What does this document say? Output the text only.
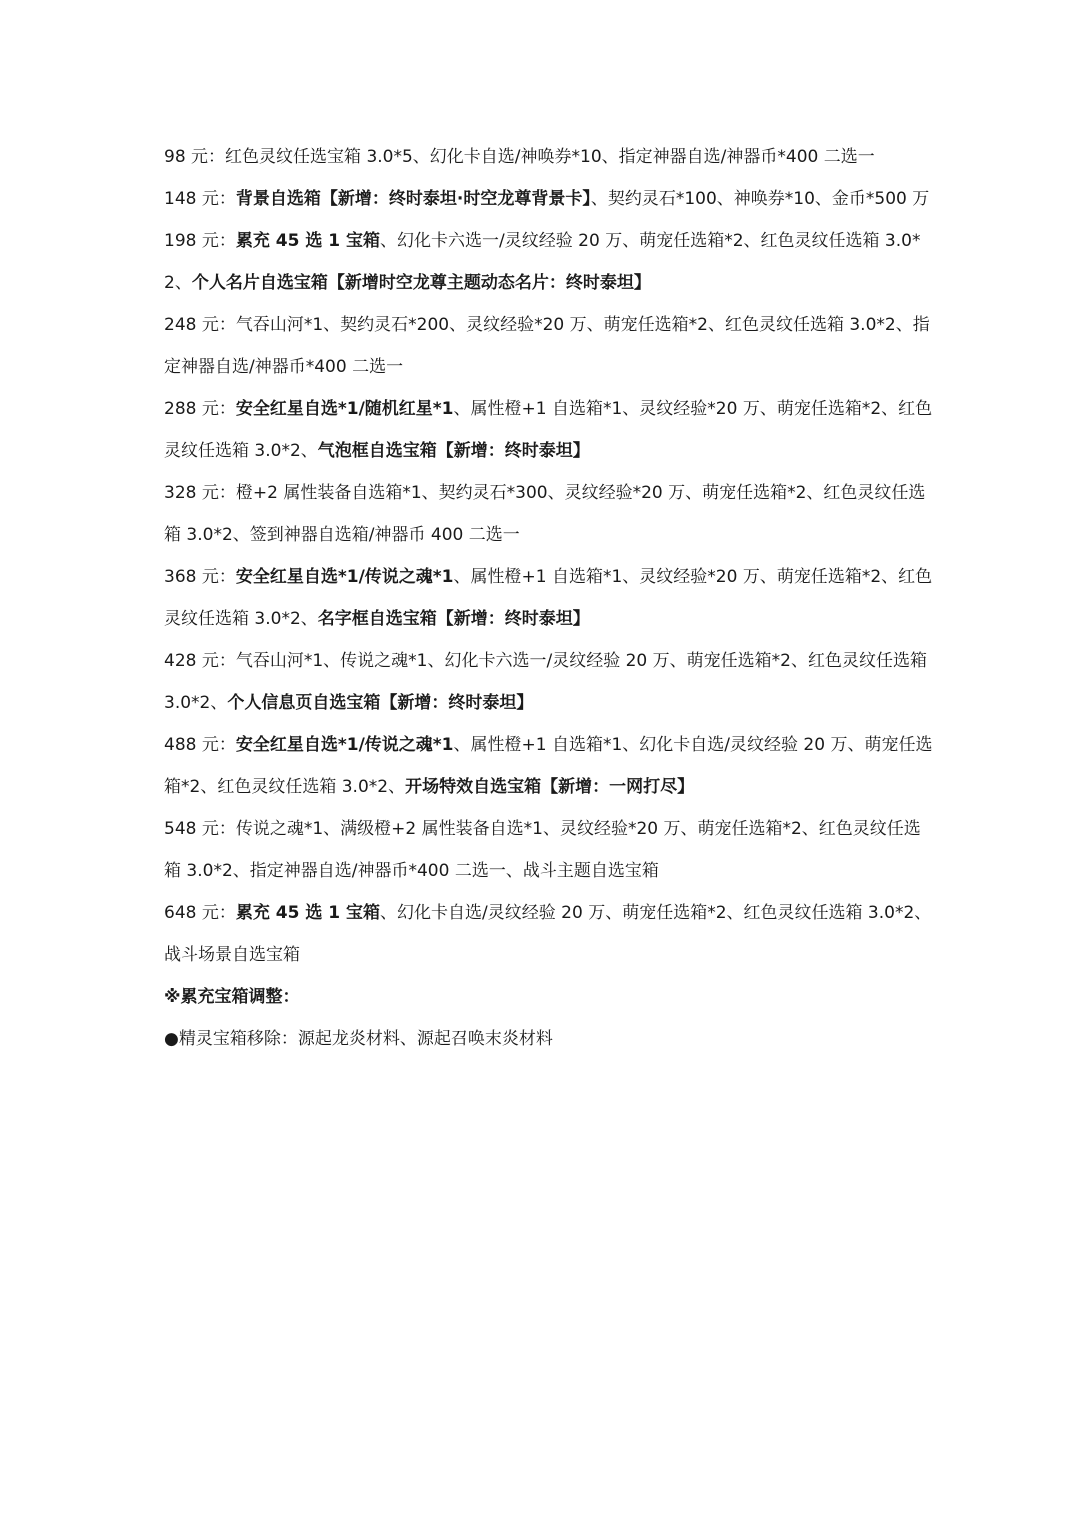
98 元：红色灵纹任选宝箱 3.0*5、幻化卡自选/神唤券*10、指定神器自选/神器币*400 二选一

148 元：背景自选箱【新增：终时泰坦·时空龙尊背景卡】、契约灵石*100、神唤券*10、金币*500 万

198 元：累充 45 选 1 宝箱、幻化卡六选一/灵纹经验 20 万、萌宠任选箱*2、红色灵纹任选箱 3.0*2、个人名片自选宝箱【新增时空龙尊主题动态名片：终时泰坦】

248 元：气吞山河*1、契约灵石*200、灵纹经验*20 万、萌宠任选箱*2、红色灵纹任选箱 3.0*2、指定神器自选/神器币*400 二选一

288 元：安全红星自选*1/随机红星*1、属性橙+1 自选箱*1、灵纹经验*20 万、萌宠任选箱*2、红色灵纹任选箱 3.0*2、气泡框自选宝箱【新增：终时泰坦】

328 元：橙+2 属性装备自选箱*1、契约灵石*300、灵纹经验*20 万、萌宠任选箱*2、红色灵纹任选箱 3.0*2、签到神器自选箱/神器币 400 二选一

368 元：安全红星自选*1/传说之魂*1、属性橙+1 自选箱*1、灵纹经验*20 万、萌宠任选箱*2、红色灵纹任选箱 3.0*2、名字框自选宝箱【新增：终时泰坦】

428 元：气吞山河*1、传说之魂*1、幻化卡六选一/灵纹经验 20 万、萌宠任选箱*2、红色灵纹任选箱 3.0*2、个人信息页自选宝箱【新增：终时泰坦】

488 元：安全红星自选*1/传说之魂*1、属性橙+1 自选箱*1、幻化卡自选/灵纹经验 20 万、萌宠任选箱*2、红色灵纹任选箱 3.0*2、开场特效自选宝箱【新增：一网打尽】

548 元：传说之魂*1、满级橙+2 属性装备自选*1、灵纹经验*20 万、萌宠任选箱*2、红色灵纹任选箱 3.0*2、指定神器自选/神器币*400 二选一、战斗主题自选宝箱

648 元：累充 45 选 1 宝箱、幻化卡自选/灵纹经验 20 万、萌宠任选箱*2、红色灵纹任选箱 3.0*2、战斗场景自选宝箱

※累充宝箱调整：

●精灵宝箱移除：源起龙炎材料、源起召唤末炎材料
